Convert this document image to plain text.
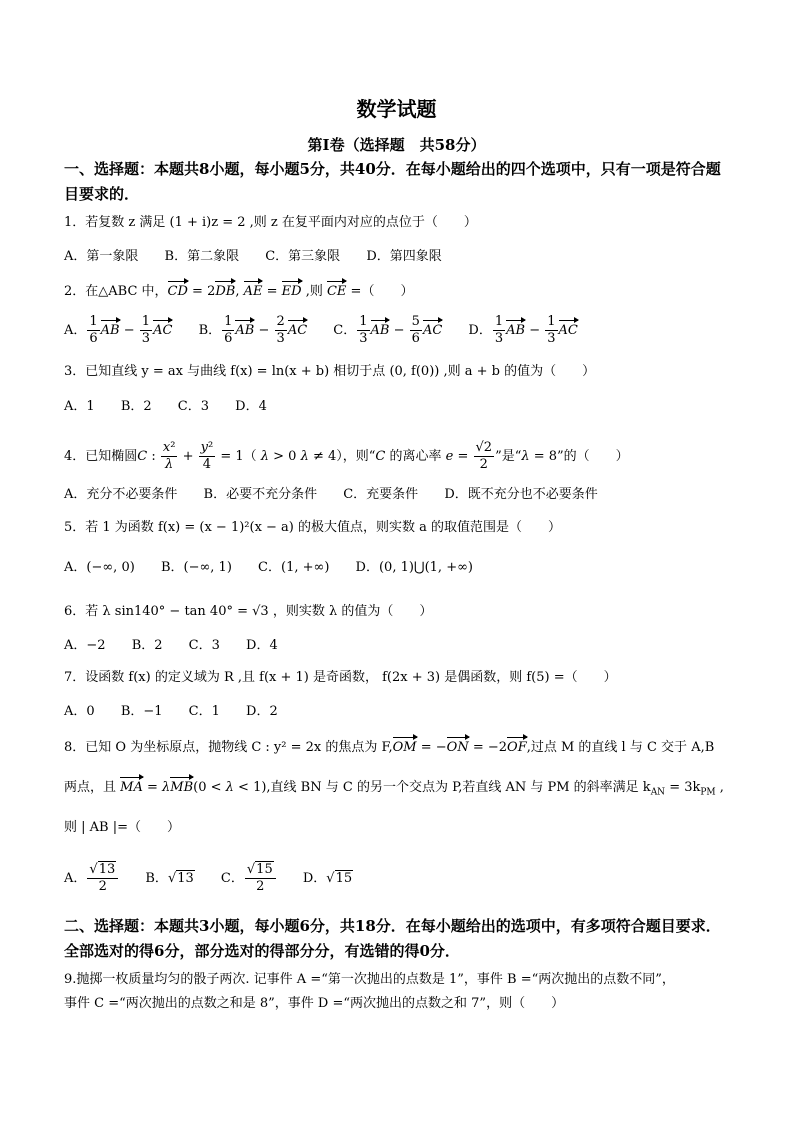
数学试题
第Ⅰ卷（选择题　共58分）
一、选择题：本题共8小题，每小题5分，共40分．在每小题给出的四个选项中，只有一项是符合题目要求的．
1．若复数 z 满足 (1 + i)z = 2 ,则 z 在复平面内对应的点位于（　　）
A．第一象限 B．第二象限 C．第三象限 D．第四象限
2．在△ABC 中，CD = 2DB, AE = ED ,则 CE =（　　）
A． $\frac{1}{6}$ AB − $\frac{1}{3}$ AC B． $\frac{1}{6}$ AB − $\frac{2}{3}$ AC C． $\frac{1}{3}$ AB − $\frac{5}{6}$ AC D． $\frac{1}{3}$ AB − $\frac{1}{3}$ AC
3．已知直线 y = ax 与曲线 f(x) = ln(x + b) 相切于点 (0, f(0)) ,则 a + b 的值为（　　）
A．1 B．2 C．3 D．4
4．已知椭圆C : $\frac{\text{x²}}{\lambda} + \frac{\text{y²}}{4} = 1$（ λ > 0 λ ≠ 4），则“C 的离心率 $e = \frac{√2}{2}$ ”是“λ = 8”的（　　）
A．充分不必要条件 B．必要不充分条件 C．充要条件 D．既不充分也不必要条件
5．若 1 为函数 f(x) = (x − 1)²(x − a) 的极大值点，则实数 a 的取值范围是（　　）
A．(−∞, 0) B．(−∞, 1) C．(1, +∞) D．(0, 1)⋃(1, +∞)
6．若 λ sin140° − tan 40° = √3 ，则实数 λ 的值为（　　）
A．−2 B．2 C．3 D．4
7．设函数 f(x) 的定义域为 R ,且 f(x + 1) 是奇函数， f(2x + 3) 是偶函数，则 f(5) =（　　）
A．0 B．−1 C．1 D．2
8．已知 O 为坐标原点，抛物线 C : y² = 2x 的焦点为 F,OM = −ON = −2OF,过点 M 的直线 l 与 C 交于 A,B
两点，且 MA = λMB(0 < λ < 1),直线 BN 与 C 的另一个交点为 P,若直线 AN 与 PM 的斜率满足 $k_{AN} = 3k_{PM}$ ,
则 | AB |=（　　）
A． $\frac{√13}{2}$ B．√13 C． $\frac{√15}{2}$ D．√15
二、选择题：本题共3小题，每小题6分，共18分．在每小题给出的选项中，有多项符合题目要求．全部选对的得6分，部分选对的得部分分，有选错的得0分．
9.抛掷一枚质量均匀的骰子两次. 记事件 A =“第一次抛出的点数是 1”，事件 B =“两次抛出的点数不同”，
事件 C =“两次抛出的点数之和是 8”，事件 D =“两次抛出的点数之和 7”，则（　　）
